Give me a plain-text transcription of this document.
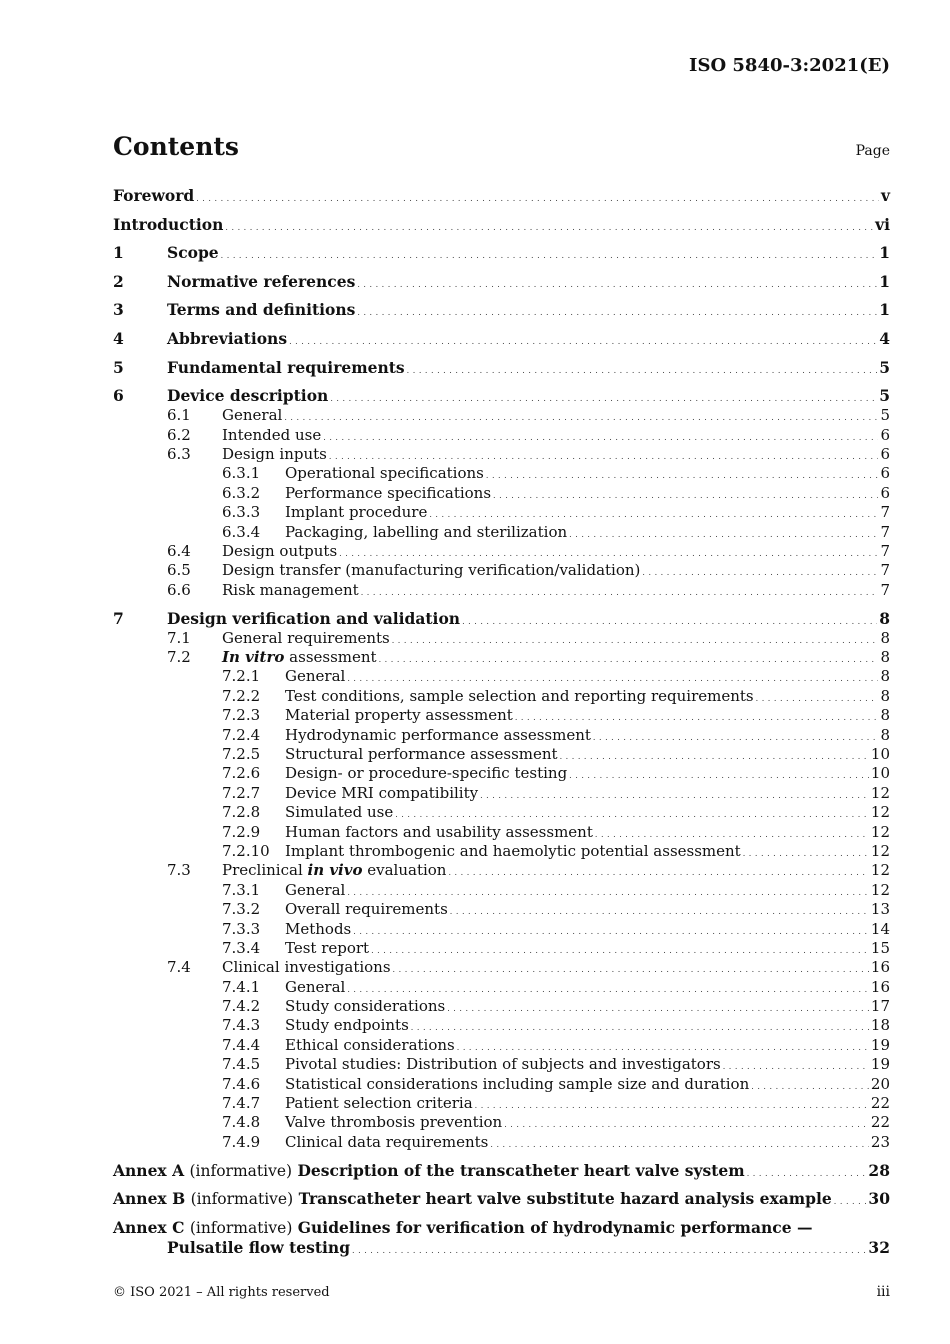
ISO 5840-3:2021(E)
Contents	Page
Foreword . . .	v
Introduction . . .	vi
1	Scope . . .	1
2	Normative references . . .	1
3	Terms and definitions . . .	1
4	Abbreviations . . .	4
5	Fundamental requirements . . .	5
6	Device description . . .	5
6.1	General . . .	5
6.2	Intended use . . .	6
6.3	Design inputs . . .	6
6.3.1	Operational specifications . . .	6
6.3.2	Performance specifications . . .	6
6.3.3	Implant procedure . . .	7
6.3.4	Packaging, labelling and sterilization . . .	7
6.4	Design outputs . . .	7
6.5	Design transfer (manufacturing verification/validation) . . .	7
6.6	Risk management . . .	7
7	Design verification and validation . . .	8
7.1	General requirements . . .	8
7.2	In vitro assessment . . .	8
7.2.1	General . . .	8
7.2.2	Test conditions, sample selection and reporting requirements . . .	8
7.2.3	Material property assessment . . .	8
7.2.4	Hydrodynamic performance assessment . . .	8
7.2.5	Structural performance assessment . . .	10
7.2.6	Design- or procedure-specific testing . . .	10
7.2.7	Device MRI compatibility . . .	12
7.2.8	Simulated use . . .	12
7.2.9	Human factors and usability assessment . . .	12
7.2.10	Implant thrombogenic and haemolytic potential assessment . . .	12
7.3	Preclinical in vivo evaluation . . .	12
7.3.1	General . . .	12
7.3.2	Overall requirements . . .	13
7.3.3	Methods . . .	14
7.3.4	Test report . . .	15
7.4	Clinical investigations . . .	16
7.4.1	General . . .	16
7.4.2	Study considerations . . .	17
7.4.3	Study endpoints . . .	18
7.4.4	Ethical considerations . . .	19
7.4.5	Pivotal studies: Distribution of subjects and investigators . . .	19
7.4.6	Statistical considerations including sample size and duration . . .	20
7.4.7	Patient selection criteria . . .	22
7.4.8	Valve thrombosis prevention . . .	22
7.4.9	Clinical data requirements . . .	23
Annex A (informative) Description of the transcatheter heart valve system . . .	28
Annex B (informative) Transcatheter heart valve substitute hazard analysis example . . . 30
Annex C (informative) Guidelines for verification of hydrodynamic performance —
Pulsatile flow testing . . .	32
© ISO 2021 – All rights reserved	iii
